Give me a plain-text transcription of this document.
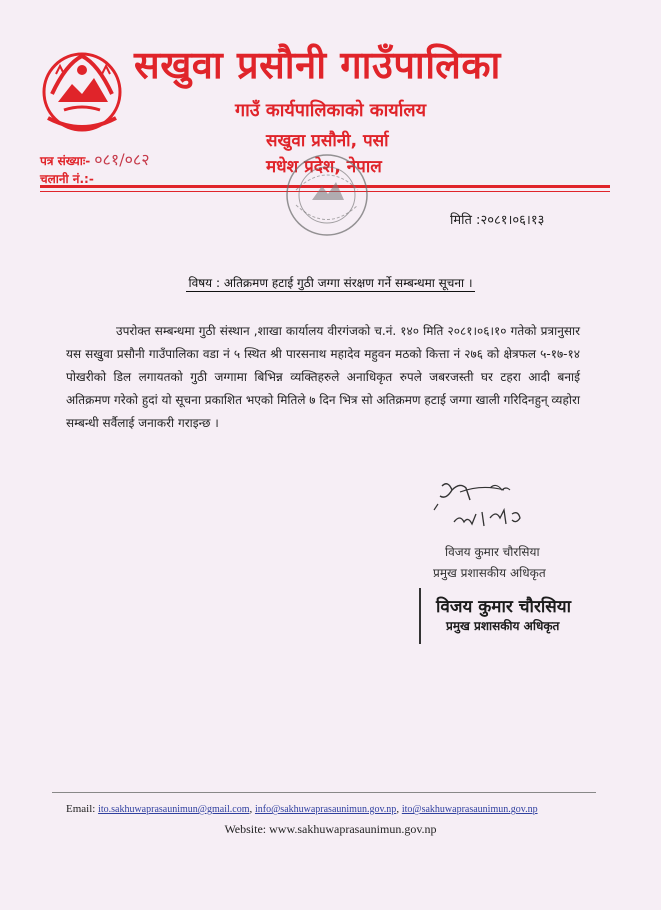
सखुवा प्रसौनी गाउँपालिका
गाउँ कार्यपालिकाको कार्यालय
सखुवा प्रसौनी, पर्सा
मधेश प्रदेश, नेपाल
पत्र संख्याः- ०८१/०८२
चलानी नं.:-
मिति :२०८१।०६।१३
विषय : अतिक्रमण हटाई गुठी जग्गा संरक्षण गर्ने सम्बन्धमा सूचना ।
उपरोक्त सम्बन्धमा गुठी संस्थान ,शाखा कार्यालय वीरगंजको च.नं. १४० मिति २०८१।०६।१० गतेको प्रत्रानुसार यस सखुवा प्रसौनी गाउँपालिका वडा नं ५ स्थित श्री पारसनाथ महादेव महुवन मठको कित्ता नं २७६ को क्षेत्रफल ५-१७-१४ पोखरीको डिल लगायतको गुठी जग्गामा बिभिन्न व्यक्तिहरुले अनाधिकृत रुपले जबरजस्ती घर टहरा आदी बनाई अतिक्रमण गरेको हुदां यो सूचना प्रकाशित भएको मितिले ७ दिन भित्र सो अतिक्रमण हटाई जग्गा खाली गरिदिनहुन् व्यहोरा सम्बन्धी सर्वैलाई जनाकरी गराइन्छ ।
विजय कुमार चौरसिया
प्रमुख प्रशासकीय अधिकृत
विजय कुमार चौरसिया
प्रमुख प्रशासकीय अधिकृत
Email: ito.sakhuwaprasaunimun@gmail.com, info@sakhuwaprasaunimun.gov.np, ito@sakhuwaprasaunimun.gov.np
Website: www.sakhuwaprasaunimun.gov.np
